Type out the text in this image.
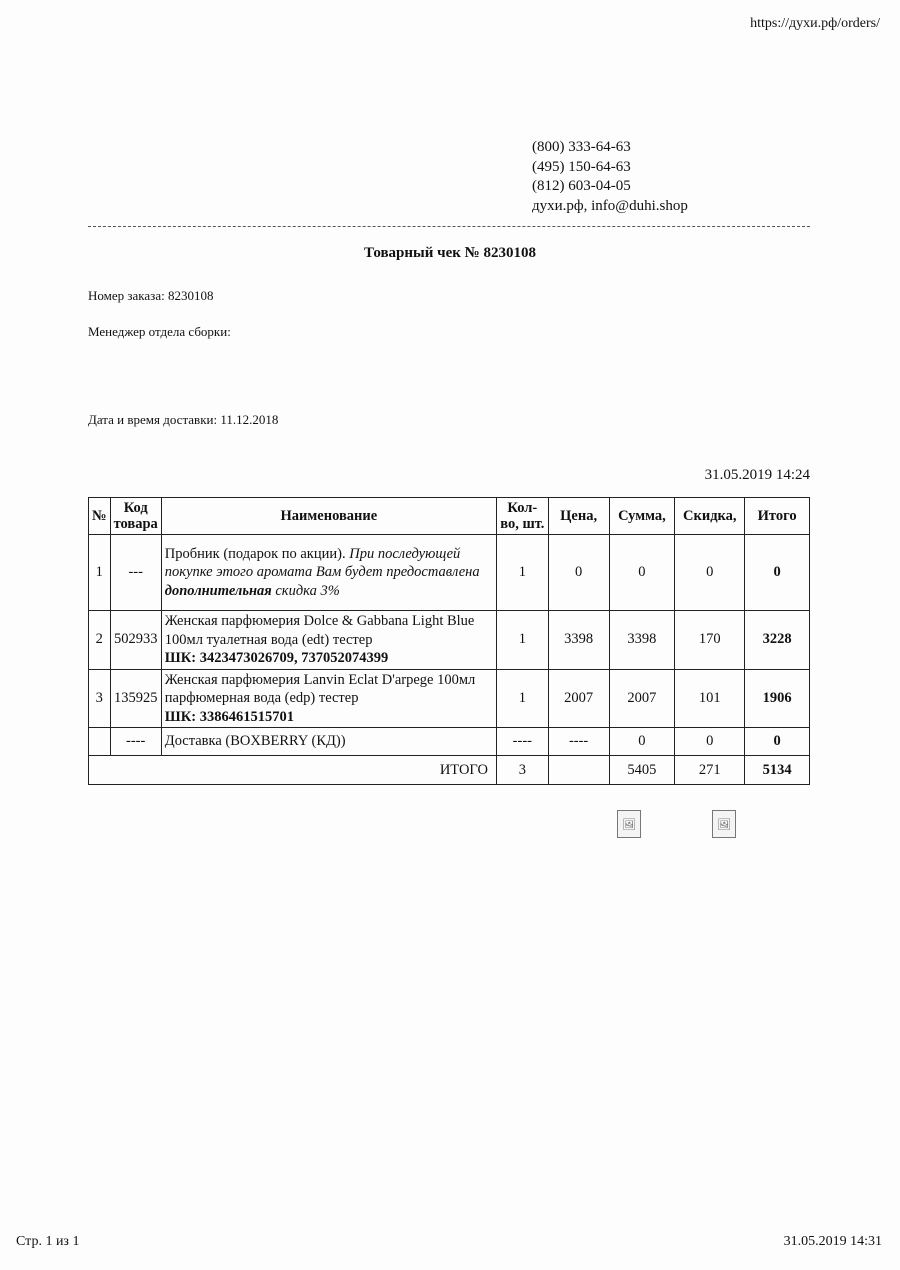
https://духи.рф/orders/
(800) 333-64-63
(495) 150-64-63
(812) 603-04-05
духи.рф, info@duhi.shop
Товарный чек № 8230108
Номер заказа: 8230108
Менеджер отдела сборки:
Дата и время доставки: 11.12.2018
31.05.2019 14:24
№	Код товара	Наименование	Кол-во, шт.	Цена,	Сумма,	Скидка,	Итого
1	---	Пробник (подарок по акции). При последующей покупке этого аромата Вам будет предоставлена дополнительная скидка 3%	1	0	0	0	0
2	502933	Женская парфюмерия Dolce & Gabbana Light Blue 100мл туалетная вода (edt) тестер
ШК: 3423473026709, 737052074399	1	3398	3398	170	3228
3	135925	Женская парфюмерия Lanvin Eclat D'arpege 100мл парфюмерная вода (edp) тестер
ШК: 3386461515701	1	2007	2007	101	1906
	----	Доставка (BOXBERRY (КД))	----	----	0	0	0
ИТОГО			3		5405	271	5134
🖼	🖼
Стр. 1 из 1	31.05.2019 14:31
